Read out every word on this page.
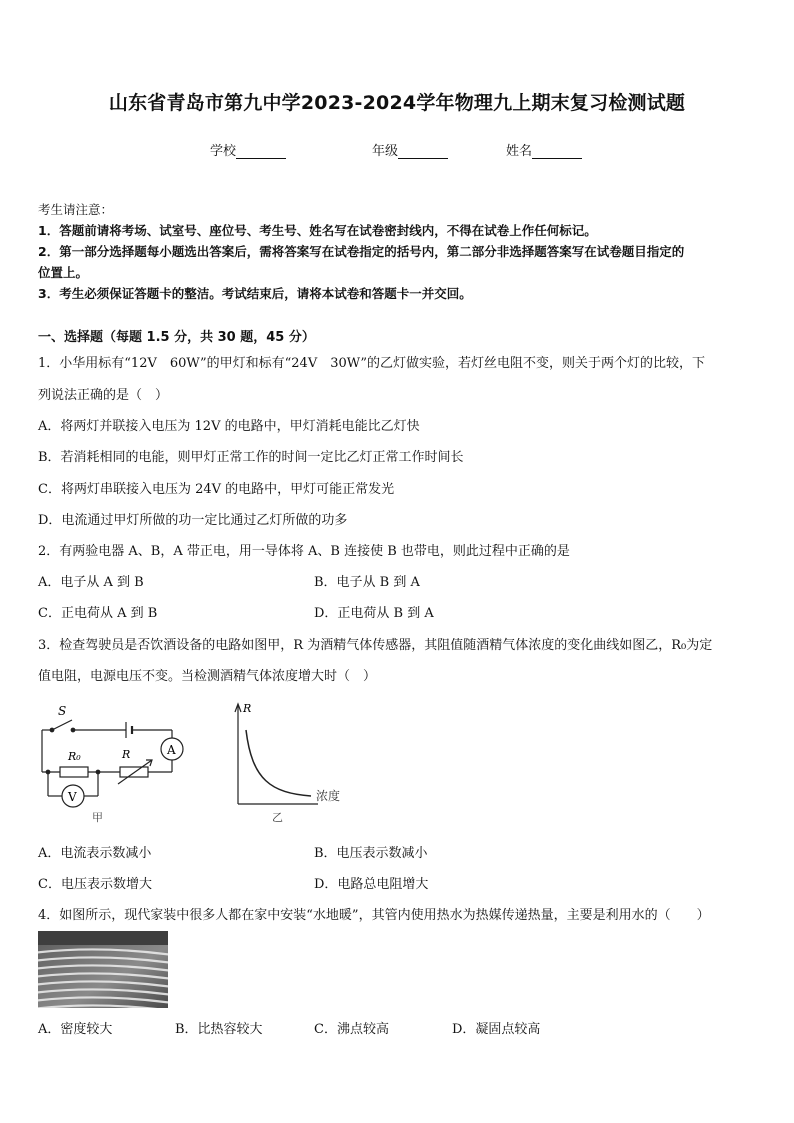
山东省青岛市第九中学2023-2024学年物理九上期末复习检测试题
学校	年级	姓名
考生请注意：
1．答题前请将考场、试室号、座位号、考生号、姓名写在试卷密封线内，不得在试卷上作任何标记。
2．第一部分选择题每小题选出答案后，需将答案写在试卷指定的括号内，第二部分非选择题答案写在试卷题目指定的
位置上。
3．考生必须保证答题卡的整洁。考试结束后，请将本试卷和答题卡一并交回。
一、选择题（每题 1.5 分，共 30 题，45 分）
1．小华用标有“12V　60W”的甲灯和标有“24V　30W”的乙灯做实验，若灯丝电阻不变，则关于两个灯的比较，下
列说法正确的是（　）
A．将两灯并联接入电压为 12V 的电路中，甲灯消耗电能比乙灯快
B．若消耗相同的电能，则甲灯正常工作的时间一定比乙灯正常工作时间长
C．将两灯串联接入电压为 24V 的电路中，甲灯可能正常发光
D．电流通过甲灯所做的功一定比通过乙灯所做的功多
2．有两验电器 A、B，A 带正电，用一导体将 A、B 连接使 B 也带电，则此过程中正确的是
A．电子从 A 到 B	B．电子从 B 到 A
C．正电荷从 A 到 B	D．正电荷从 B 到 A
3．检查驾驶员是否饮酒设备的电路如图甲，R 为酒精气体传感器，其阻值随酒精气体浓度的变化曲线如图乙，R₀为定
值电阻，电源电压不变。当检测酒精气体浓度增大时（　）
S
R₀	R	A
V
甲
R
浓度
乙
A．电流表示数减小	B．电压表示数减小
C．电压表示数增大	D．电路总电阻增大
4．如图所示，现代家装中很多人都在家中安装“水地暖”，其管内使用热水为热媒传递热量，主要是利用水的（　　）
A．密度较大	B．比热容较大	C．沸点较高	D．凝固点较高
